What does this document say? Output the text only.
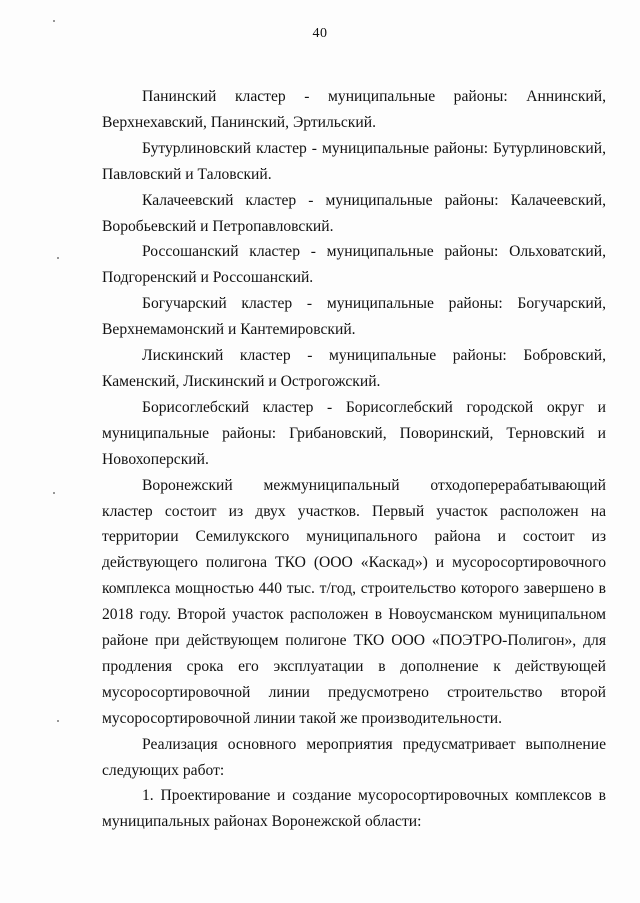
40

Панинский кластер - муниципальные районы: Аннинский, Верхнехавский, Панинский, Эртильский.

Бутурлиновский кластер - муниципальные районы: Бутурлиновский, Павловский и Таловский.

Калачеевский кластер - муниципальные районы: Калачеевский, Воробьевский и Петропавловский.

Россошанский кластер - муниципальные районы: Ольховатский, Подгоренский и Россошанский.

Богучарский кластер - муниципальные районы: Богучарский, Верхнемамонский и Кантемировский.

Лискинский кластер - муниципальные районы: Бобровский, Каменский, Лискинский и Острогожский.

Борисоглебский кластер - Борисоглебский городской округ и муниципальные районы: Грибановский, Поворинский, Терновский и Новохоперский.

Воронежский межмуниципальный отходоперерабатывающий кластер состоит из двух участков. Первый участок расположен на территории Семилукского муниципального района и состоит из действующего полигона ТКО (ООО «Каскад») и мусоросортировочного комплекса мощностью 440 тыс. т/год, строительство которого завершено в 2018 году. Второй участок расположен в Новоусманском муниципальном районе при действующем полигоне ТКО ООО «ПОЭТРО-Полигон», для продления срока его эксплуатации в дополнение к действующей мусоросортировочной линии предусмотрено строительство второй мусоросортировочной линии такой же производительности.

Реализация основного мероприятия предусматривает выполнение следующих работ:

1. Проектирование и создание мусоросортировочных комплексов в муниципальных районах Воронежской области:
